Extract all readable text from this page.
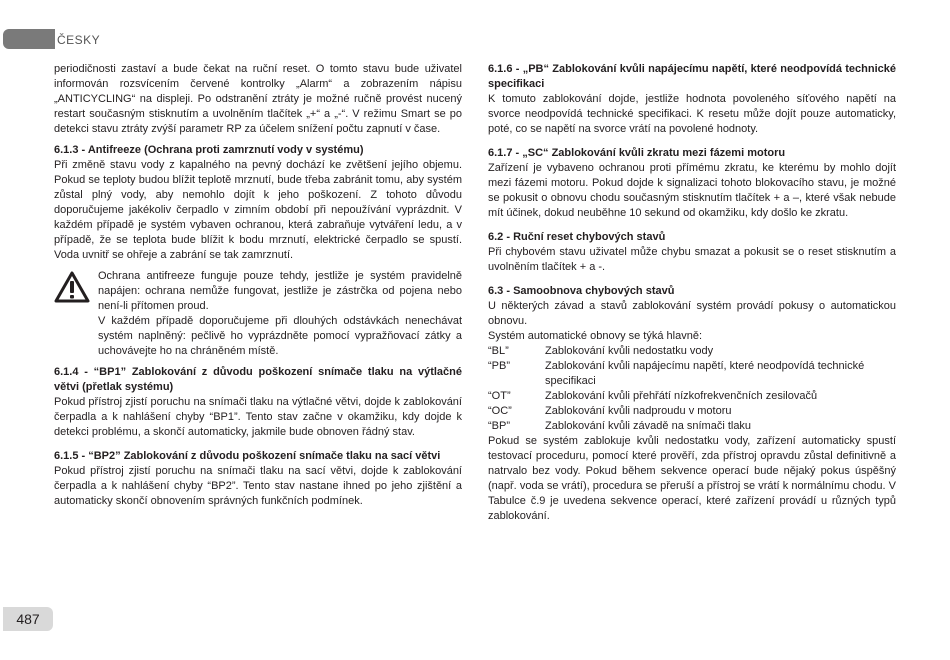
ČESKY

periodičnosti zastaví a bude čekat na ruční reset. O tomto stavu bude uživatel informován rozsvícením červené kontrolky „Alarm“ a zobrazením nápisu „ANTICYCLING“ na displeji. Po odstranění ztráty je možné ručně provést nucený restart současným stisknutím a uvolněním tlačítek „+“ a „-“. V režimu Smart se po detekci stavu ztráty zvýší parametr RP za účelem snížení počtu zapnutí v čase.

6.1.3 - Antifreeze (Ochrana proti zamrznutí vody v systému)

Při změně stavu vody z kapalného na pevný dochází ke zvětšení jejího objemu. Pokud se teploty budou blížit teplotě mrznutí, bude třeba zabránit tomu, aby systém zůstal plný vody, aby nemohlo dojít k jeho poškození. Z tohoto důvodu doporučujeme jakékoliv čerpadlo v zimním období při nepoužívání vyprázdnit. V každém případě je systém vybaven ochranou, která zabraňuje vytváření ledu, a v případě, že se teplota bude blížit k bodu mrznutí, elektrické čerpadlo se spustí. Voda uvnitř se ohřeje a zabrání se tak zamrznutí.

Ochrana antifreeze funguje pouze tehdy, jestliže je systém pravidelně napájen: ochrana nemůže fungovat, jestliže je zástrčka od pojena nebo není-li přítomen proud.

V každém případě doporučujeme při dlouhých odstávkách nenechávat systém naplněný: pečlivě ho vyprázdněte pomocí vypražňovací zátky a uchovávejte ho na chráněném místě.

6.1.4 - “BP1” Zablokování z důvodu poškození snímače tlaku na výtlačné větvi (přetlak systému)

Pokud přístroj zjistí poruchu na snímači tlaku na výtlačné větvi, dojde k zablokování čerpadla a k nahlášení chyby “BP1”. Tento stav začne v okamžiku, kdy dojde k detekci problému, a skončí automaticky, jakmile bude obnoven řádný stav.

6.1.5 - “BP2” Zablokování z důvodu poškození snímače tlaku na sací větvi

Pokud přístroj zjistí poruchu na snímači tlaku na sací větvi, dojde k zablokování čerpadla a k nahlášení chyby “BP2”. Tento stav nastane ihned po jeho zjištění a automaticky skončí obnovením správných funkčních podmínek.

6.1.6 - „PB“ Zablokování kvůli napájecímu napětí, které neodpovídá technické specifikaci

K tomuto zablokování dojde, jestliže hodnota povoleného síťového napětí na svorce neodpovídá technické specifikaci. K resetu může dojít pouze automaticky, poté, co se napětí na svorce vrátí na povolené hodnoty.

6.1.7 - „SC“ Zablokování kvůli zkratu mezi fázemi motoru

Zařízení je vybaveno ochranou proti přímému zkratu, ke kterému by mohlo dojít mezi fázemi motoru. Pokud dojde k signalizaci tohoto blokovacího stavu, je možné se pokusit o obnovu chodu současným stisknutím tlačítek + a –, které však nebude mít účinek, dokud neuběhne 10 sekund od okamžiku, kdy došlo ke zkratu.

6.2 - Ruční reset chybových stavů

Při chybovém stavu uživatel může chybu smazat a pokusit se o reset stisknutím a uvolněním tlačítek + a -.

6.3 - Samoobnova chybových stavů

U některých závad a stavů zablokování systém provádí pokusy o automatickou obnovu.

Systém automatické obnovy se týká hlavně:

“BL”	Zablokování kvůli nedostatku vody
“PB”	Zablokování kvůli napájecímu napětí, které neodpovídá technické specifikaci
“OT”	Zablokování kvůli přehřátí nízkofrekvenčních zesilovačů
“OC”	Zablokování kvůli nadproudu v motoru
“BP”	Zablokování kvůli závadě na snímači tlaku

Pokud se systém zablokuje kvůli nedostatku vody, zařízení automaticky spustí testovací proceduru, pomocí které prověří, zda přístroj opravdu zůstal definitivně a natrvalo bez vody. Pokud během sekvence operací bude nějaký pokus úspěšný (např. voda se vrátí), procedura se přeruší a přístroj se vrátí k normálnímu chodu. V Tabulce č.9 je uvedena sekvence operací, které zařízení provádí u různých typů zablokování.

487
